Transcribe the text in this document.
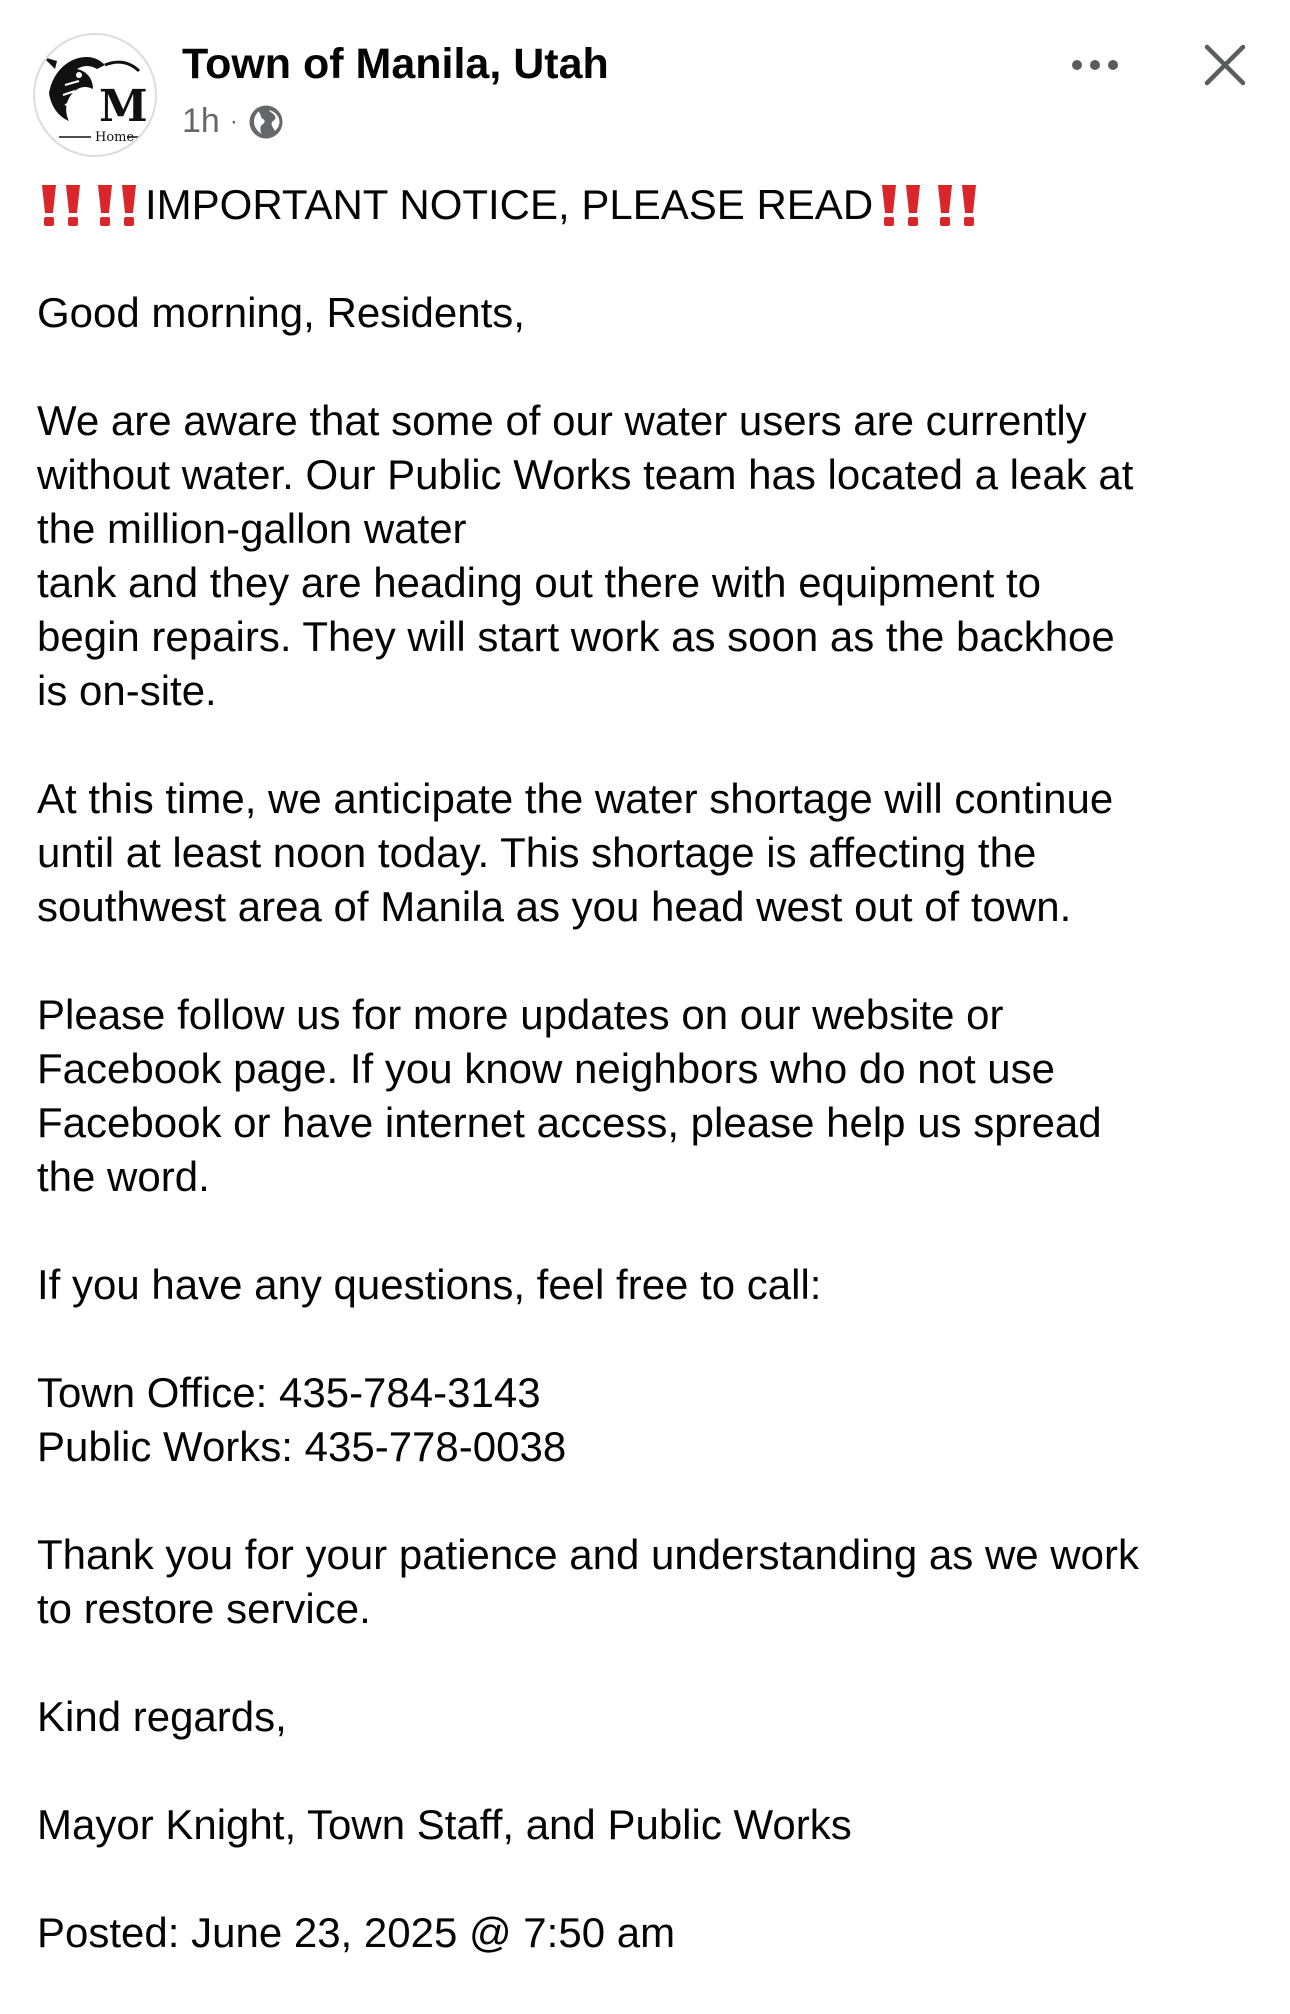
M
Home
Town of Manila, Utah
1h ·

IMPORTANT NOTICE, PLEASE READ

Good morning, Residents,

We are aware that some of our water users are currently
without water. Our Public Works team has located a leak at
the million-gallon water
tank and they are heading out there with equipment to
begin repairs. They will start work as soon as the backhoe
is on-site.

At this time, we anticipate the water shortage will continue
until at least noon today. This shortage is affecting the
southwest area of Manila as you head west out of town.

Please follow us for more updates on our website or
Facebook page. If you know neighbors who do not use
Facebook or have internet access, please help us spread
the word.

If you have any questions, feel free to call:

Town Office: 435-784-3143
Public Works: 435-778-0038

Thank you for your patience and understanding as we work
to restore service.

Kind regards,

Mayor Knight, Town Staff, and Public Works

Posted: June 23, 2025 @ 7:50 am
